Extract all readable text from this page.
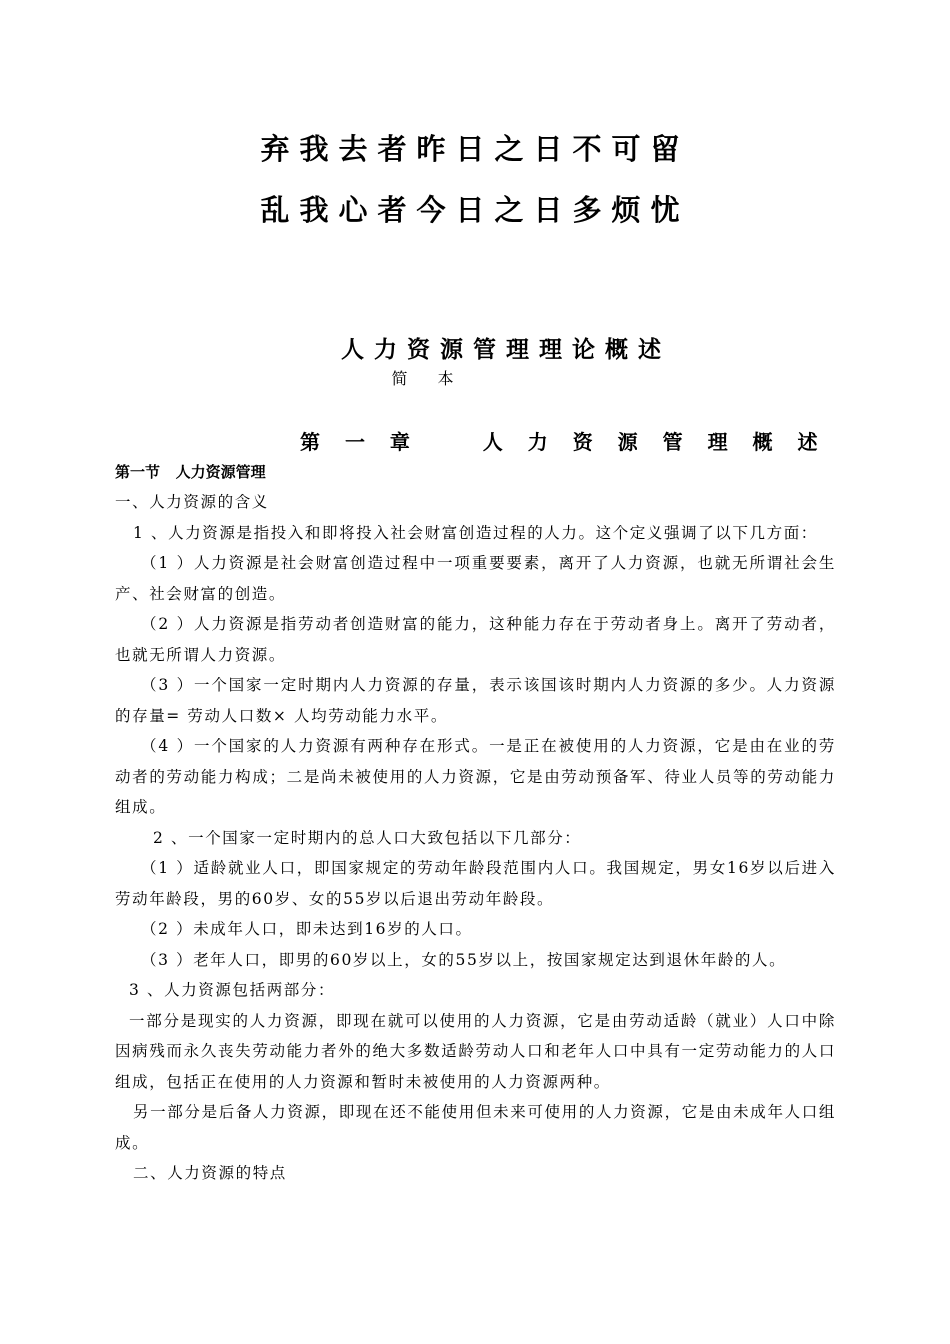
弃我去者昨日之日不可留
乱我心者今日之日多烦忧
人力资源管理理论概述
简本
第 一 章    人 力 资 源 管 理 概 述
第一节   人力资源管理

一、人力资源的含义

1 、人力资源是指投入和即将投入社会财富创造过程的人力。这个定义强调了以下几方面：

（1 ）人力资源是社会财富创造过程中一项重要要素，离开了人力资源，也就无所谓社会生产、社会财富的创造。

（2 ）人力资源是指劳动者创造财富的能力，这种能力存在于劳动者身上。离开了劳动者，也就无所谓人力资源。

（3 ）一个国家一定时期内人力资源的存量，表示该国该时期内人力资源的多少。人力资源的存量= 劳动人口数× 人均劳动能力水平。

（4 ）一个国家的人力资源有两种存在形式。一是正在被使用的人力资源，它是由在业的劳动者的劳动能力构成；二是尚未被使用的人力资源，它是由劳动预备军、待业人员等的劳动能力组成。

2 、一个国家一定时期内的总人口大致包括以下几部分：

（1 ）适龄就业人口，即国家规定的劳动年龄段范围内人口。我国规定，男女16岁以后进入劳动年龄段，男的60岁、女的55岁以后退出劳动年龄段。

（2 ）未成年人口，即未达到16岁的人口。

（3 ）老年人口，即男的60岁以上，女的55岁以上，按国家规定达到退休年龄的人。

3 、人力资源包括两部分：

一部分是现实的人力资源，即现在就可以使用的人力资源，它是由劳动适龄（就业）人口中除因病残而永久丧失劳动能力者外的绝大多数适龄劳动人口和老年人口中具有一定劳动能力的人口组成，包括正在使用的人力资源和暂时未被使用的人力资源两种。

另一部分是后备人力资源，即现在还不能使用但未来可使用的人力资源，它是由未成年人口组成。

二、人力资源的特点
